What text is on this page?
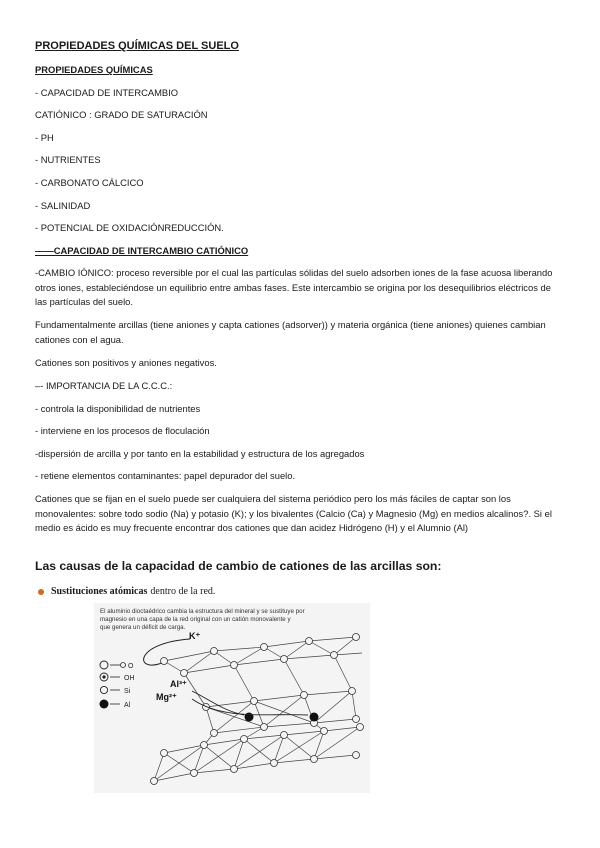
PROPIEDADES QUÍMICAS DEL SUELO
PROPIEDADES QUÍMICAS
- CAPACIDAD DE INTERCAMBIO
CATIÓNICO : GRADO DE SATURACIÓN
- PH
- NUTRIENTES
- CARBONATO CÁLCICO
- SALINIDAD
- POTENCIAL DE OXIDACIÓNREDUCCIÓN.
——CAPACIDAD DE INTERCAMBIO CATIÓNICO
-CAMBIO IÓNICO: proceso reversible por el cual las partículas sólidas del suelo adsorben iones de la fase acuosa liberando otros iones, estableciéndose un equilibrio entre ambas fases. Este intercambio se origina por los desequilibrios eléctricos de las partículas del suelo.
Fundamentalmente arcillas (tiene aniones y capta cationes (adsorver)) y materia orgánica (tiene aniones) quienes cambian cationes con el agua.
Cationes son positivos y aniones negativos.
–- IMPORTANCIA DE LA C.C.C.:
- controla la disponibilidad de nutrientes
- interviene en los procesos de floculación
-dispersión de arcilla y por tanto en la estabilidad y estructura de los agregados
- retiene elementos contaminantes: papel depurador del suelo.
Cationes que se fijan en el suelo puede ser cualquiera del sistema periódico pero los más fáciles de captar son los monovalentes: sobre todo sodio (Na) y potasio (K); y los bivalentes (Calcio (Ca) y Magnesio (Mg) en medios alcalinos?. Si el medio es ácido es muy frecuente encontrar dos cationes que dan acidez Hidrógeno (H) y el Alumnio (Al)
Las causas de la capacidad de cambio de cationes de las arcillas son:
Sustituciones atómicas dentro de la red.
El aluminio dioctaédrico cambia la estructura del mineral y se sustituye por
magnesio en una capa de la red original con un catión monovalente y
que genera un déficit de carga.
O
OH
Si
Al
K⁺
Al³⁺
Mg²⁺
